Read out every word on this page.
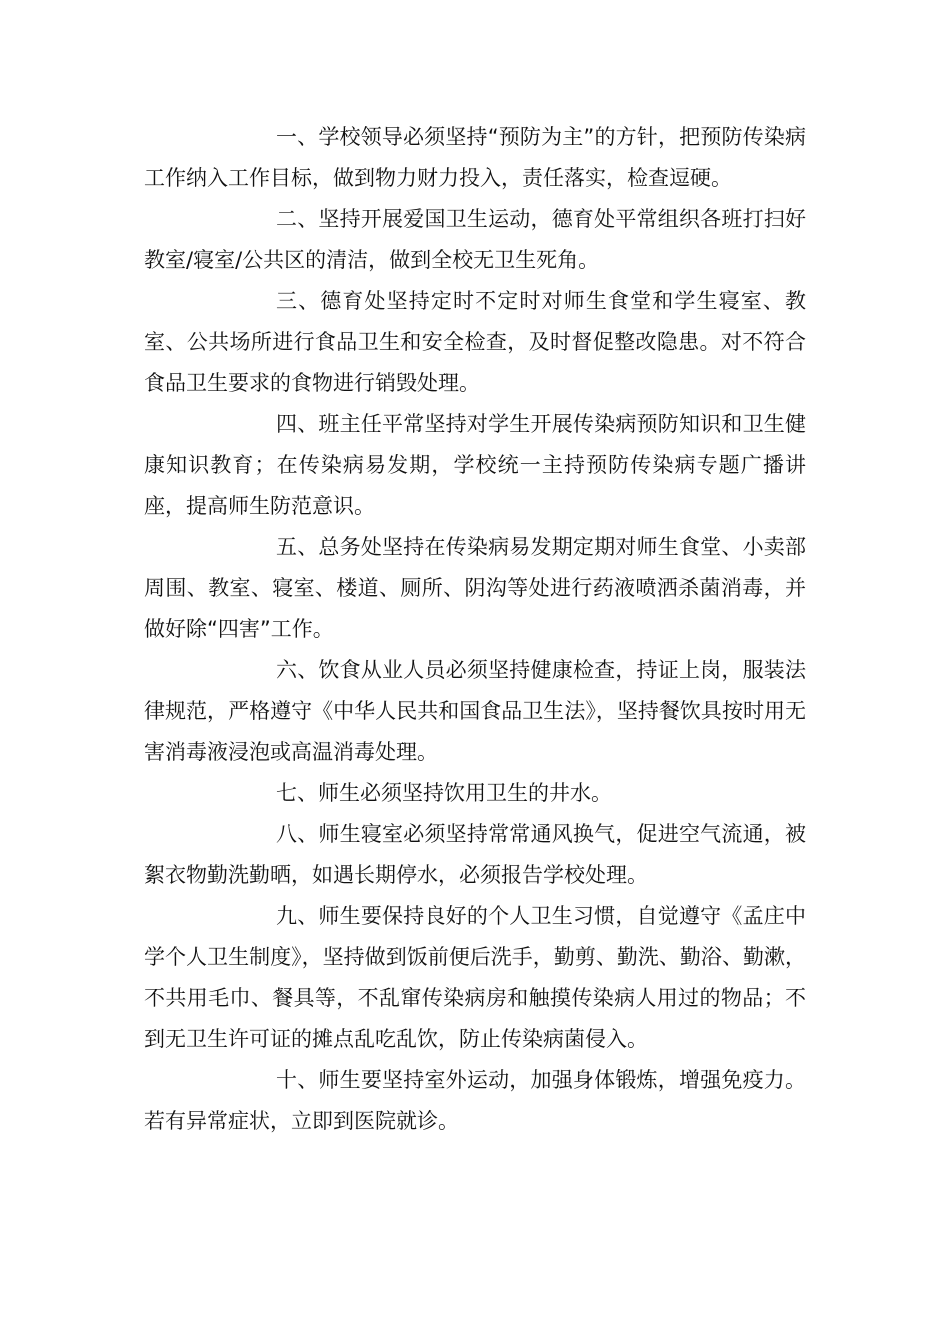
一、学校领导必须坚持“预防为主”的方针，把预防传染病工作纳入工作目标，做到物力财力投入，责任落实，检查逗硬。

二、坚持开展爱国卫生运动，德育处平常组织各班打扫好教室/寝室/公共区的清洁，做到全校无卫生死角。

三、德育处坚持定时不定时对师生食堂和学生寝室、教室、公共场所进行食品卫生和安全检查，及时督促整改隐患。对不符合食品卫生要求的食物进行销毁处理。

四、班主任平常坚持对学生开展传染病预防知识和卫生健康知识教育；在传染病易发期，学校统一主持预防传染病专题广播讲座，提高师生防范意识。

五、总务处坚持在传染病易发期定期对师生食堂、小卖部周围、教室、寝室、楼道、厕所、阴沟等处进行药液喷洒杀菌消毒，并做好除“四害”工作。

六、饮食从业人员必须坚持健康检查，持证上岗，服装法律规范，严格遵守《中华人民共和国食品卫生法》，坚持餐饮具按时用无害消毒液浸泡或高温消毒处理。

七、师生必须坚持饮用卫生的井水。

八、师生寝室必须坚持常常通风换气，促进空气流通，被絮衣物勤洗勤晒，如遇长期停水，必须报告学校处理。

九、师生要保持良好的个人卫生习惯，自觉遵守《孟庄中学个人卫生制度》，坚持做到饭前便后洗手，勤剪、勤洗、勤浴、勤漱，不共用毛巾、餐具等，不乱窜传染病房和触摸传染病人用过的物品；不到无卫生许可证的摊点乱吃乱饮，防止传染病菌侵入。

十、师生要坚持室外运动，加强身体锻炼，增强免疫力。若有异常症状，立即到医院就诊。
